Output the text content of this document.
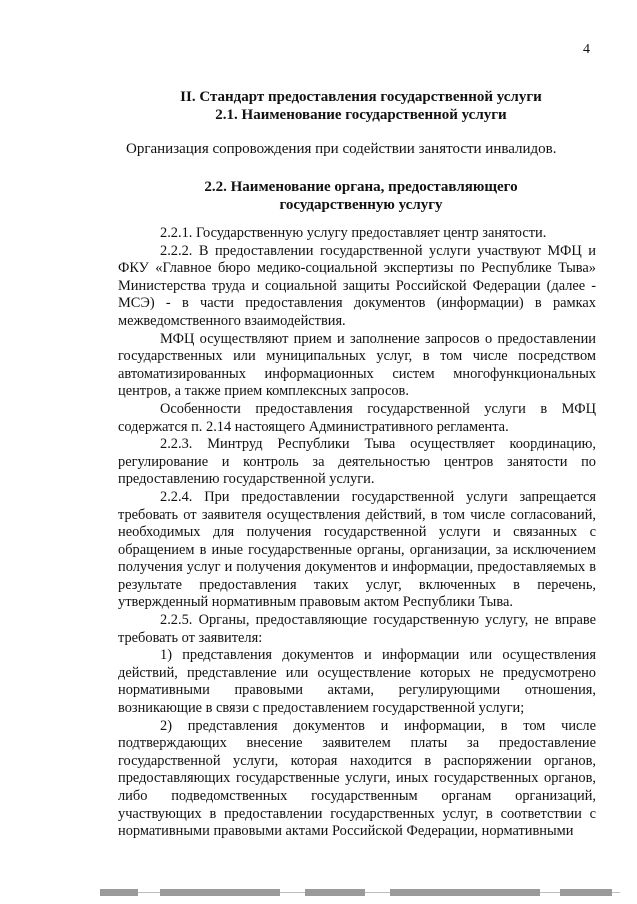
4
II. Стандарт предоставления государственной услуги
2.1. Наименование государственной услуги
Организация сопровождения при содействии занятости инвалидов.
2.2. Наименование органа, предоставляющего
государственную услугу

2.2.1. Государственную услугу предоставляет центр занятости.

2.2.2. В предоставлении государственной услуги участвуют МФЦ и ФКУ «Главное бюро медико-социальной экспертизы по Республике Тыва» Министерства труда и социальной защиты Российской Федерации (далее - МСЭ) - в части предоставления документов (информации) в рамках межведомственного взаимодействия.

МФЦ осуществляют прием и заполнение запросов о предоставлении государственных или муниципальных услуг, в том числе посредством автоматизированных информационных систем многофункциональных центров, а также прием комплексных запросов.

Особенности предоставления государственной услуги в МФЦ содержатся п. 2.14 настоящего Административного регламента.

2.2.3. Минтруд Республики Тыва осуществляет координацию, регулирование и контроль за деятельностью центров занятости по предоставлению государственной услуги.

2.2.4. При предоставлении государственной услуги запрещается требовать от заявителя осуществления действий, в том числе согласований, необходимых для получения государственной услуги и связанных с обращением в иные государственные органы, организации, за исключением получения услуг и получения документов и информации, предоставляемых в результате предоставления таких услуг, включенных в перечень, утвержденный нормативным правовым актом Республики Тыва.

2.2.5. Органы, предоставляющие государственную услугу, не вправе требовать от заявителя:

1) представления документов и информации или осуществления действий, представление или осуществление которых не предусмотрено нормативными правовыми актами, регулирующими отношения, возникающие в связи с предоставлением государственной услуги;

2) представления документов и информации, в том числе подтверждающих внесение заявителем платы за предоставление государственной услуги, которая находится в распоряжении органов, предоставляющих государственные услуги, иных государственных органов, либо подведомственных государственным органам организаций, участвующих в предоставлении государственных услуг, в соответствии с нормативными правовыми актами Российской Федерации, нормативными
